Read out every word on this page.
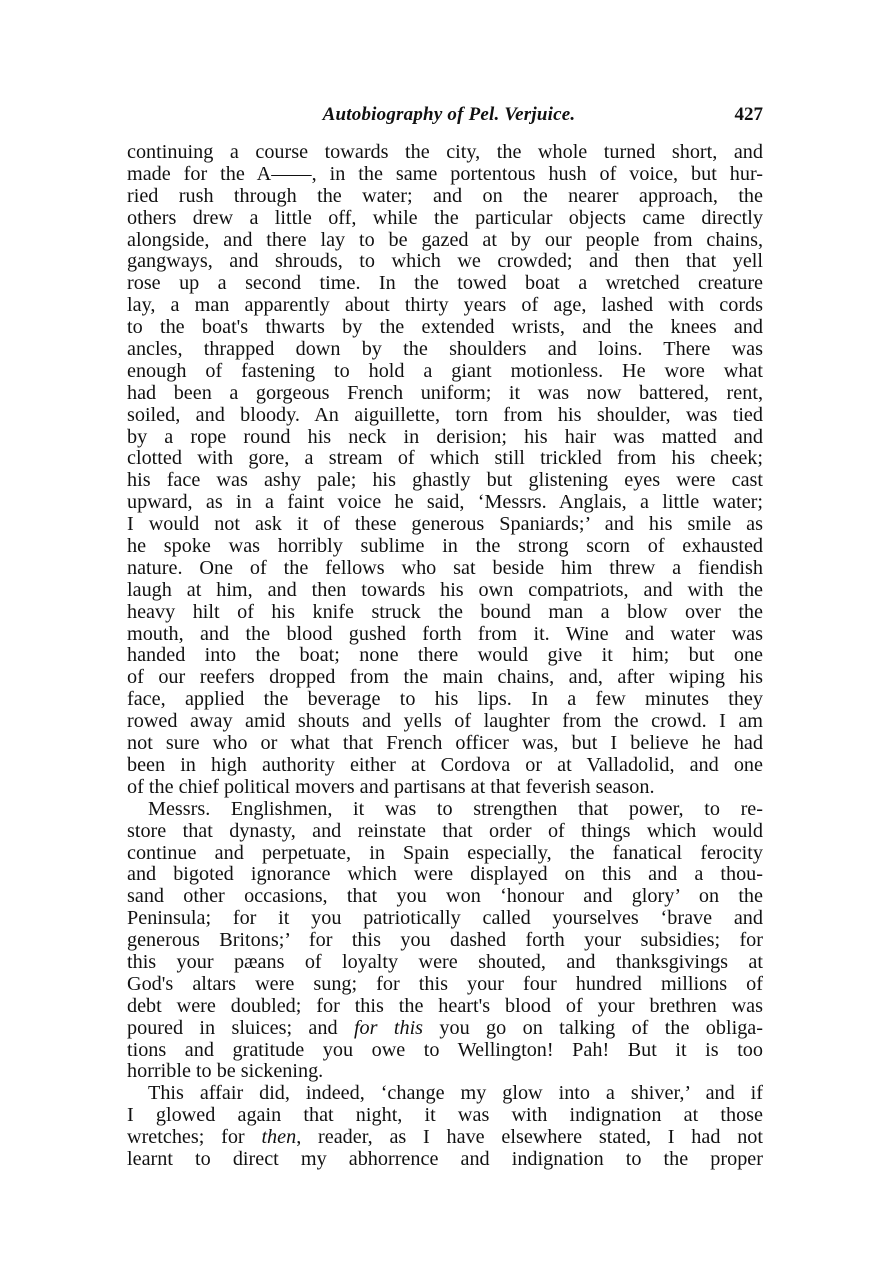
Autobiography of Pel. Verjuice.	427
continuing a course towards the city, the whole turned short, and
made for the A——, in the same portentous hush of voice, but hur-
ried rush through the water; and on the nearer approach, the
others drew a little off, while the particular objects came directly
alongside, and there lay to be gazed at by our people from chains,
gangways, and shrouds, to which we crowded; and then that yell
rose up a second time. In the towed boat a wretched creature
lay, a man apparently about thirty years of age, lashed with cords
to the boat's thwarts by the extended wrists, and the knees and
ancles, thrapped down by the shoulders and loins. There was
enough of fastening to hold a giant motionless. He wore what
had been a gorgeous French uniform; it was now battered, rent,
soiled, and bloody. An aiguillette, torn from his shoulder, was tied
by a rope round his neck in derision; his hair was matted and
clotted with gore, a stream of which still trickled from his cheek;
his face was ashy pale; his ghastly but glistening eyes were cast
upward, as in a faint voice he said, ‘Messrs. Anglais, a little water;
I would not ask it of these generous Spaniards;’ and his smile as
he spoke was horribly sublime in the strong scorn of exhausted
nature. One of the fellows who sat beside him threw a fiendish
laugh at him, and then towards his own compatriots, and with the
heavy hilt of his knife struck the bound man a blow over the
mouth, and the blood gushed forth from it. Wine and water was
handed into the boat; none there would give it him; but one
of our reefers dropped from the main chains, and, after wiping his
face, applied the beverage to his lips. In a few minutes they
rowed away amid shouts and yells of laughter from the crowd. I am
not sure who or what that French officer was, but I believe he had
been in high authority either at Cordova or at Valladolid, and one
of the chief political movers and partisans at that feverish season.
Messrs. Englishmen, it was to strengthen that power, to re-
store that dynasty, and reinstate that order of things which would
continue and perpetuate, in Spain especially, the fanatical ferocity
and bigoted ignorance which were displayed on this and a thou-
sand other occasions, that you won ‘honour and glory’ on the
Peninsula; for it you patriotically called yourselves ‘brave and
generous Britons;’ for this you dashed forth your subsidies; for
this your pæans of loyalty were shouted, and thanksgivings at
God's altars were sung; for this your four hundred millions of
debt were doubled; for this the heart's blood of your brethren was
poured in sluices; and for this you go on talking of the obliga-
tions and gratitude you owe to Wellington! Pah! But it is too
horrible to be sickening.
This affair did, indeed, ‘change my glow into a shiver,’ and if
I glowed again that night, it was with indignation at those
wretches; for then, reader, as I have elsewhere stated, I had not
learnt to direct my abhorrence and indignation to the proper
